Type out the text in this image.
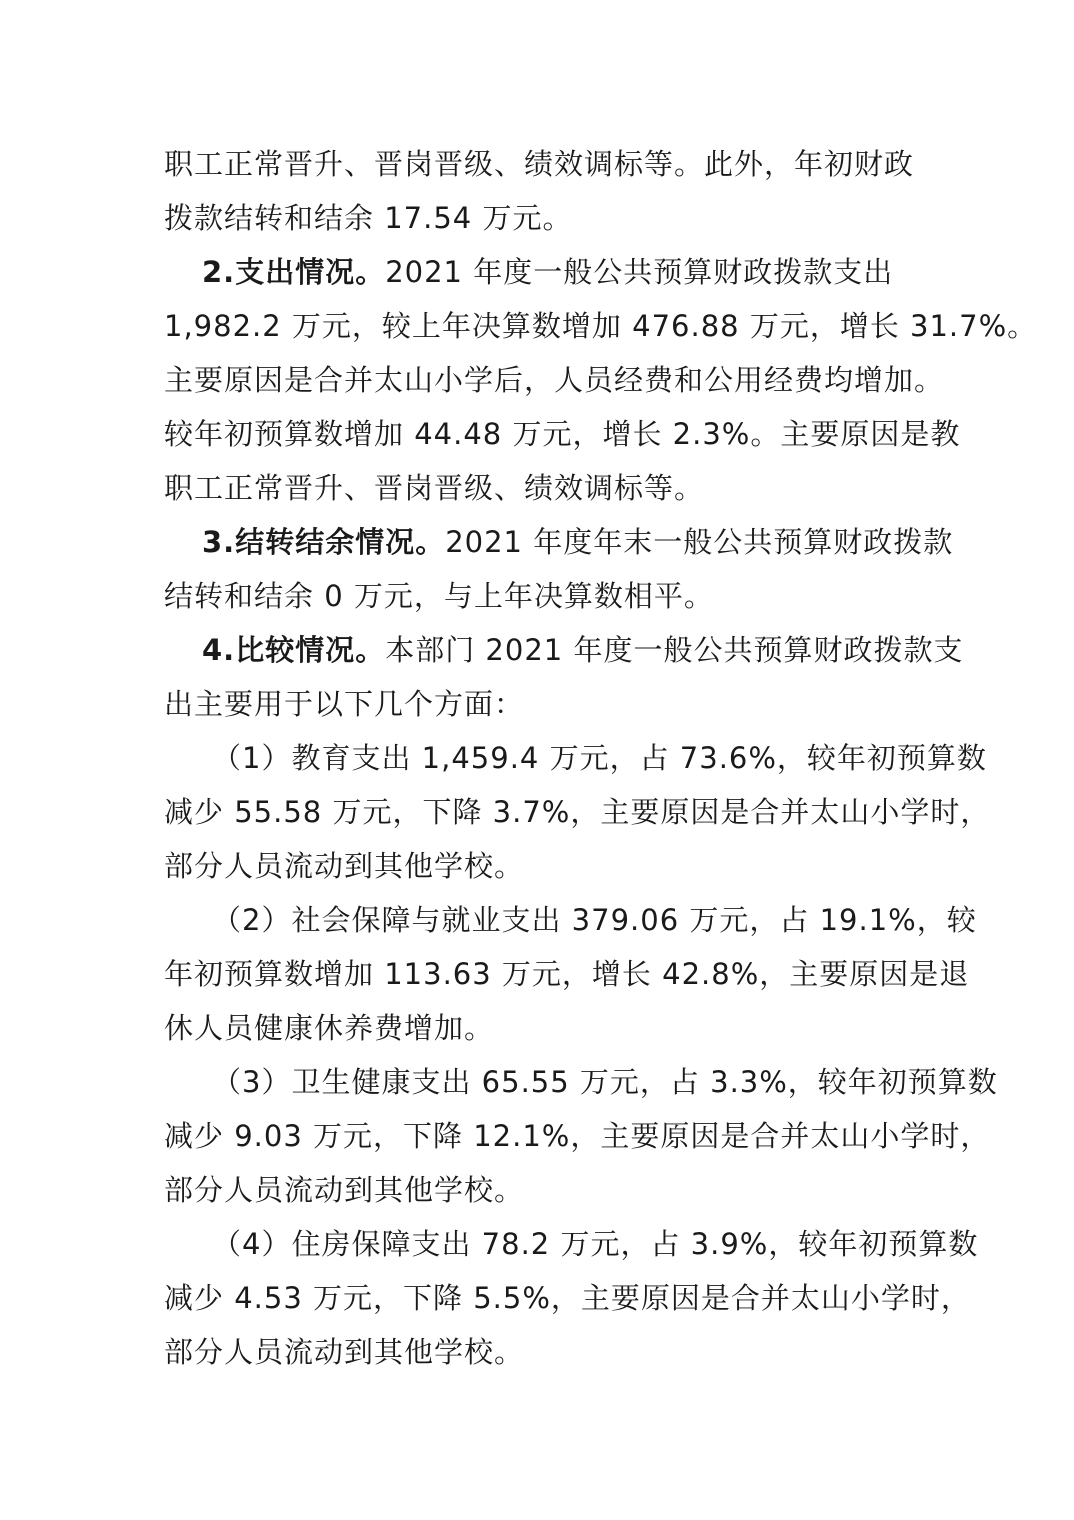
职工正常晋升、晋岗晋级、绩效调标等。此外，年初财政
拨款结转和结余 17.54 万元。
2.支出情况。2021 年度一般公共预算财政拨款支出
1,982.2 万元，较上年决算数增加 476.88 万元，增长 31.7%。
主要原因是合并太山小学后，人员经费和公用经费均增加。
较年初预算数增加 44.48 万元，增长 2.3%。主要原因是教
职工正常晋升、晋岗晋级、绩效调标等。
3.结转结余情况。2021 年度年末一般公共预算财政拨款
结转和结余 0 万元，与上年决算数相平。
4.比较情况。本部门 2021 年度一般公共预算财政拨款支
出主要用于以下几个方面：
（1）教育支出 1,459.4 万元，占 73.6%，较年初预算数
减少 55.58 万元，下降 3.7%，主要原因是合并太山小学时，
部分人员流动到其他学校。
（2）社会保障与就业支出 379.06 万元，占 19.1%，较
年初预算数增加 113.63 万元，增长 42.8%，主要原因是退
休人员健康休养费增加。
（3）卫生健康支出 65.55 万元，占 3.3%，较年初预算数
减少 9.03 万元，下降 12.1%，主要原因是合并太山小学时，
部分人员流动到其他学校。
（4）住房保障支出 78.2 万元，占 3.9%，较年初预算数
减少 4.53 万元，下降 5.5%，主要原因是合并太山小学时，
部分人员流动到其他学校。
